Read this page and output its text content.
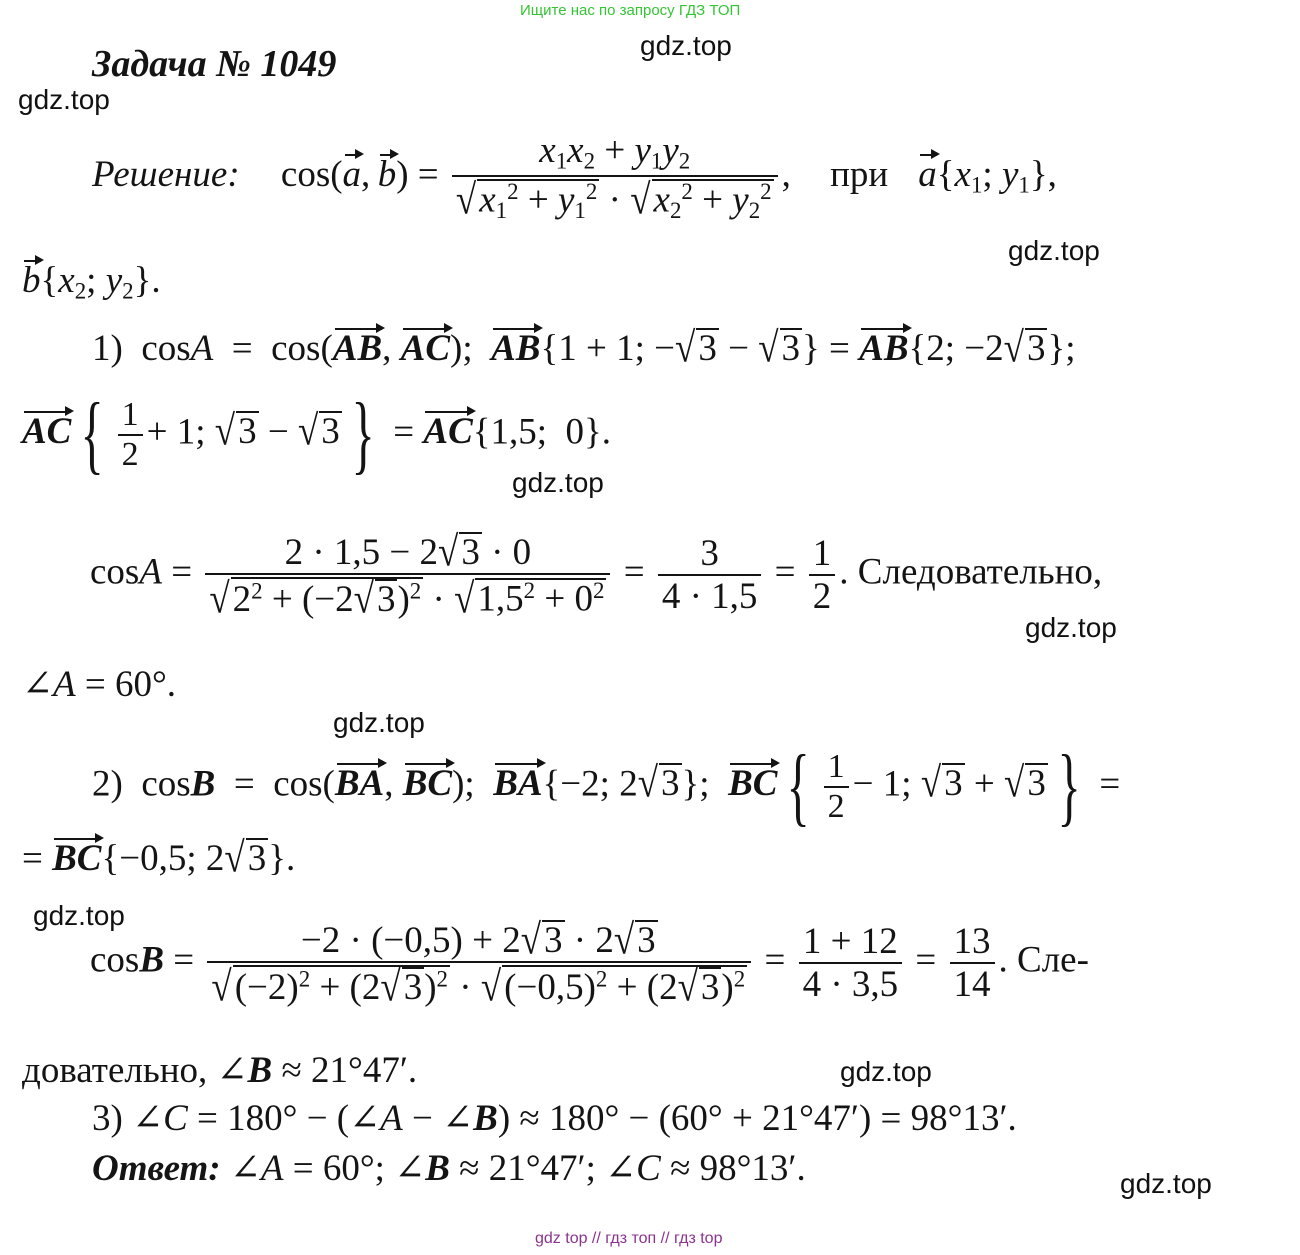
Ищите нас по запросу ГДЗ ТОП
Задача № 1049
Решение: cos(a, $b) = \frac{x_1x_2 + y_1y_2}{√x_1^2 + y_1^2 \cdot √x_2^2 + y_2^2}$ , при $a\{x_1$; $y_1$},
$b\{x_2$; $y_2$}.
1)  cosA  =  cos(AB, AC);  AB{1 + 1; −√3 − √3} = AB{2; −2√3};
AC { $\frac{1}{2} + 1$; √3 − √3 } = AC{1,5;  0}.
$\cos A = \frac{2 \cdot 1,5 - 2√3 \cdot 0}{√2^2 + (-2√3)^2 \cdot √1,5^2 + 0^2} = \frac{3}{4 \cdot 1,5} = \frac{1}{2}$ . Следовательно,
∠A = 60°.
2)  cosB  =  cos(BA, BC);  BA{−2; 2√3};  BC { $\frac{1}{2} - 1$; √3 + √3 } =
= BC{−0,5; 2√3}.
$\cos B = \frac{-2 \cdot (-0,5) + 2√3 \cdot 2√3}{√(-2)^2 + (2√3)^2 \cdot √(-0,5)^2 + (2√3)^2} = \frac{1 + 12}{4 \cdot 3,5} = \frac{13}{14}$ . Сле-
довательно, ∠B ≈ 21°47′.
3) ∠C = 180° − (∠A − ∠B) ≈ 180° − (60° + 21°47′) = 98°13′.
Ответ: ∠A = 60°; ∠B ≈ 21°47′; ∠C ≈ 98°13′.
gdz.top
gdz.top
gdz.top
gdz.top
gdz.top
gdz.top
gdz.top
gdz.top
gdz.top
gdz top // гдз топ // гдз top
